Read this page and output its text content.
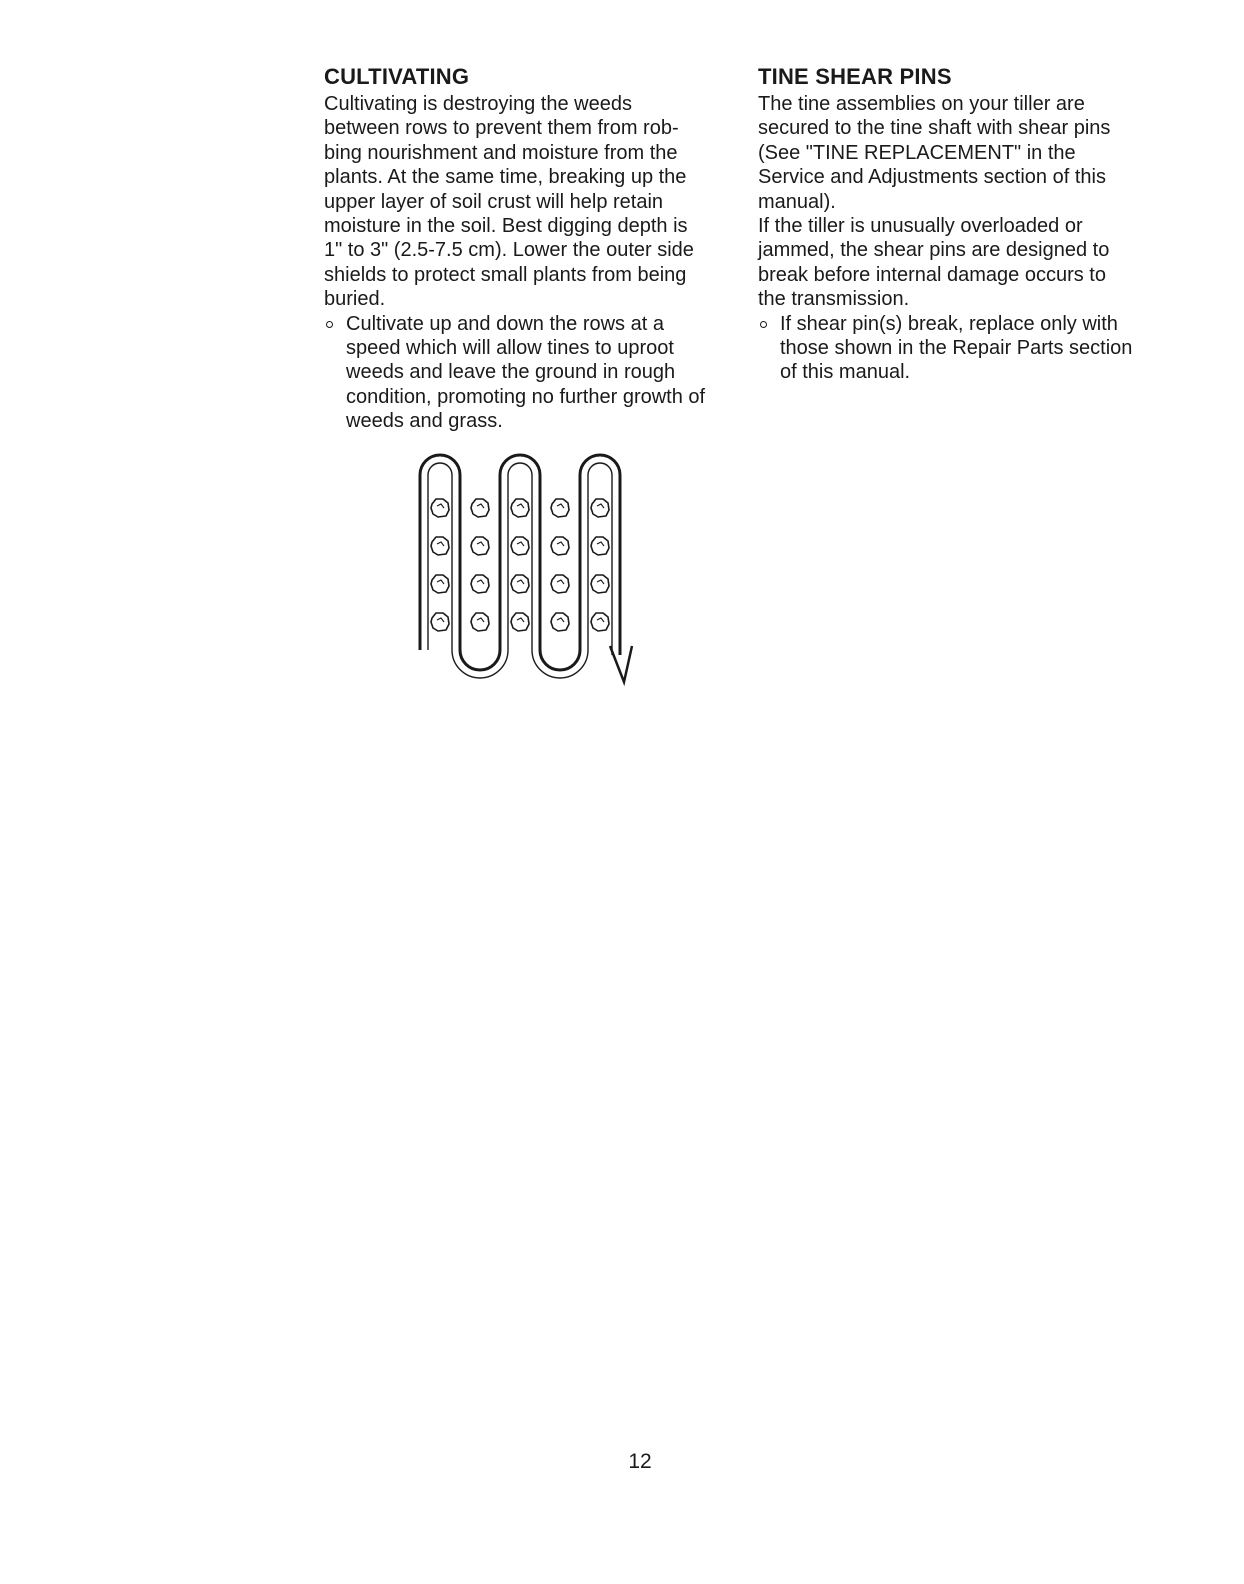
CULTIVATING
Cultivating is destroying the weeds
between rows to prevent them from rob-
bing nourishment and moisture from the
plants. At the same time, breaking up the
upper layer of soil crust will help retain
moisture in the soil. Best digging depth is
1" to 3" (2.5-7.5 cm). Lower the outer side
shields to protect small plants from being
buried.
Cultivate up and down the rows at a
speed which will allow tines to uproot
weeds and leave the ground in rough
condition, promoting no further growth of
weeds and grass.
TINE SHEAR PINS
The tine assemblies on your tiller are
secured to the tine shaft with shear pins
(See "TINE REPLACEMENT" in the
Service and Adjustments section of this
manual).
If the tiller is unusually overloaded or
jammed, the shear pins are designed to
break before internal damage occurs to
the transmission.
If shear pin(s) break, replace only with
those shown in the Repair Parts section
of this manual.
12
